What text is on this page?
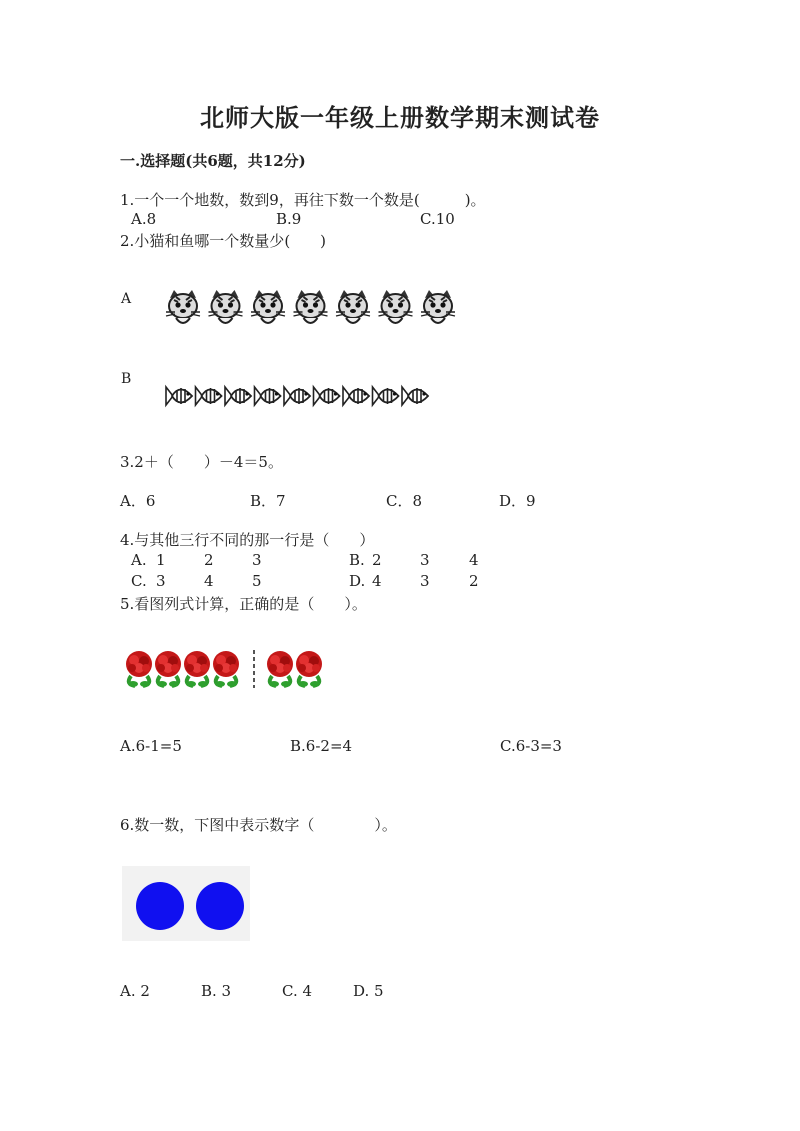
北师大版一年级上册数学期末测试卷
一.选择题(共6题，共12分)
1.一个一个地数，数到9，再往下数一个数是(　　　)。
A.8	B.9	C.10
2.小猫和鱼哪一个数量少(　　)
A
B
3.2＋（　　）－4＝5。
A．6	B．7	C．8	D．9
4.与其他三行不同的那一行是（　　）
A. 1	2	3	B. 2	3	4
C. 3	4	5	D. 4	3	2
5.看图列式计算，正确的是（　　）。
A.6-1=5	B.6-2=4	C.6-3=3
6.数一数，下图中表示数字（　　　　）。
A. 2	B. 3	C. 4	D. 5
